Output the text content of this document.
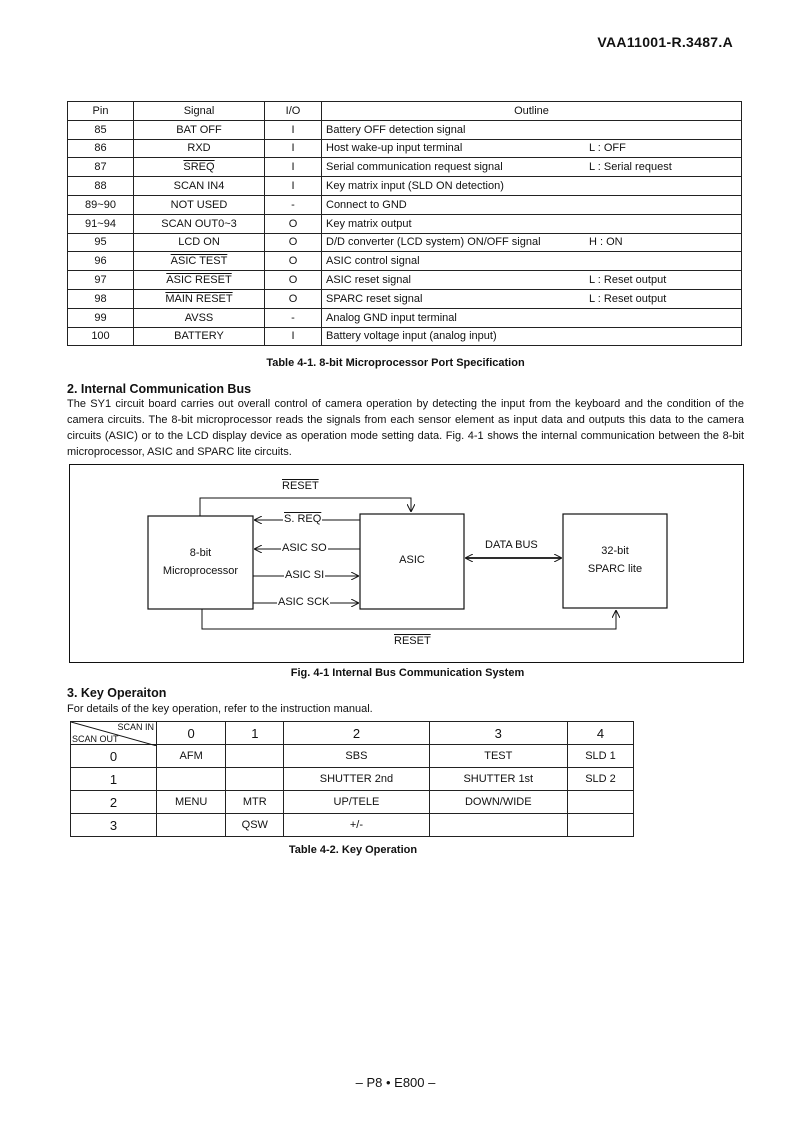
VAA11001-R.3487.A
Pin	Signal	I/O	Outline
85	BAT OFF	I	Battery OFF detection signal

86	RXD	I	Host wake-up input terminal L : OFF

87	SREQ	I	Serial communication request signal L : Serial request

88	SCAN IN4	I	Key matrix input (SLD ON detection)

89~90	NOT USED	-	Connect to GND

91~94	SCAN OUT0~3	O	Key matrix output

95	LCD ON	O	D/D converter (LCD system) ON/OFF signal H : ON

96	ASIC TEST	O	ASIC control signal

97	ASIC RESET	O	ASIC reset signal L : Reset output

98	MAIN RESET	O	SPARC reset signal L : Reset output

99	AVSS	-	Analog GND input terminal

100	BATTERY	I	Battery voltage input (analog input)
Table 4-1. 8-bit Microprocessor Port Specification
2. Internal Communication Bus
The SY1 circuit board carries out overall control of camera operation by detecting the input from the keyboard and the condition of the camera circuits. The 8-bit microprocessor reads the signals from each sensor element as input data and outputs this data to the camera circuits (ASIC) or to the LCD display device as operation mode setting data. Fig. 4-1 shows the internal communication between the 8-bit microprocessor, ASIC and SPARC lite circuits.
8-bit
Microprocessor
ASIC
32-bit
SPARC lite
RESET
S. REQ
ASIC SO
ASIC SI
ASIC SCK
DATA BUS
RESET
Fig. 4-1 Internal Bus Communication System
3. Key Operaiton
For details of the key operation, refer to the instruction manual.
SCAN IN
SCAN OUT	0	1	2	3	4
0	AFM		SBS	TEST	SLD 1
1			SHUTTER 2nd	SHUTTER 1st	SLD 2
2	MENU	MTR	UP/TELE	DOWN/WIDE	
3		QSW	+/-		
Table 4-2. Key Operation
– P8 • E800 –
